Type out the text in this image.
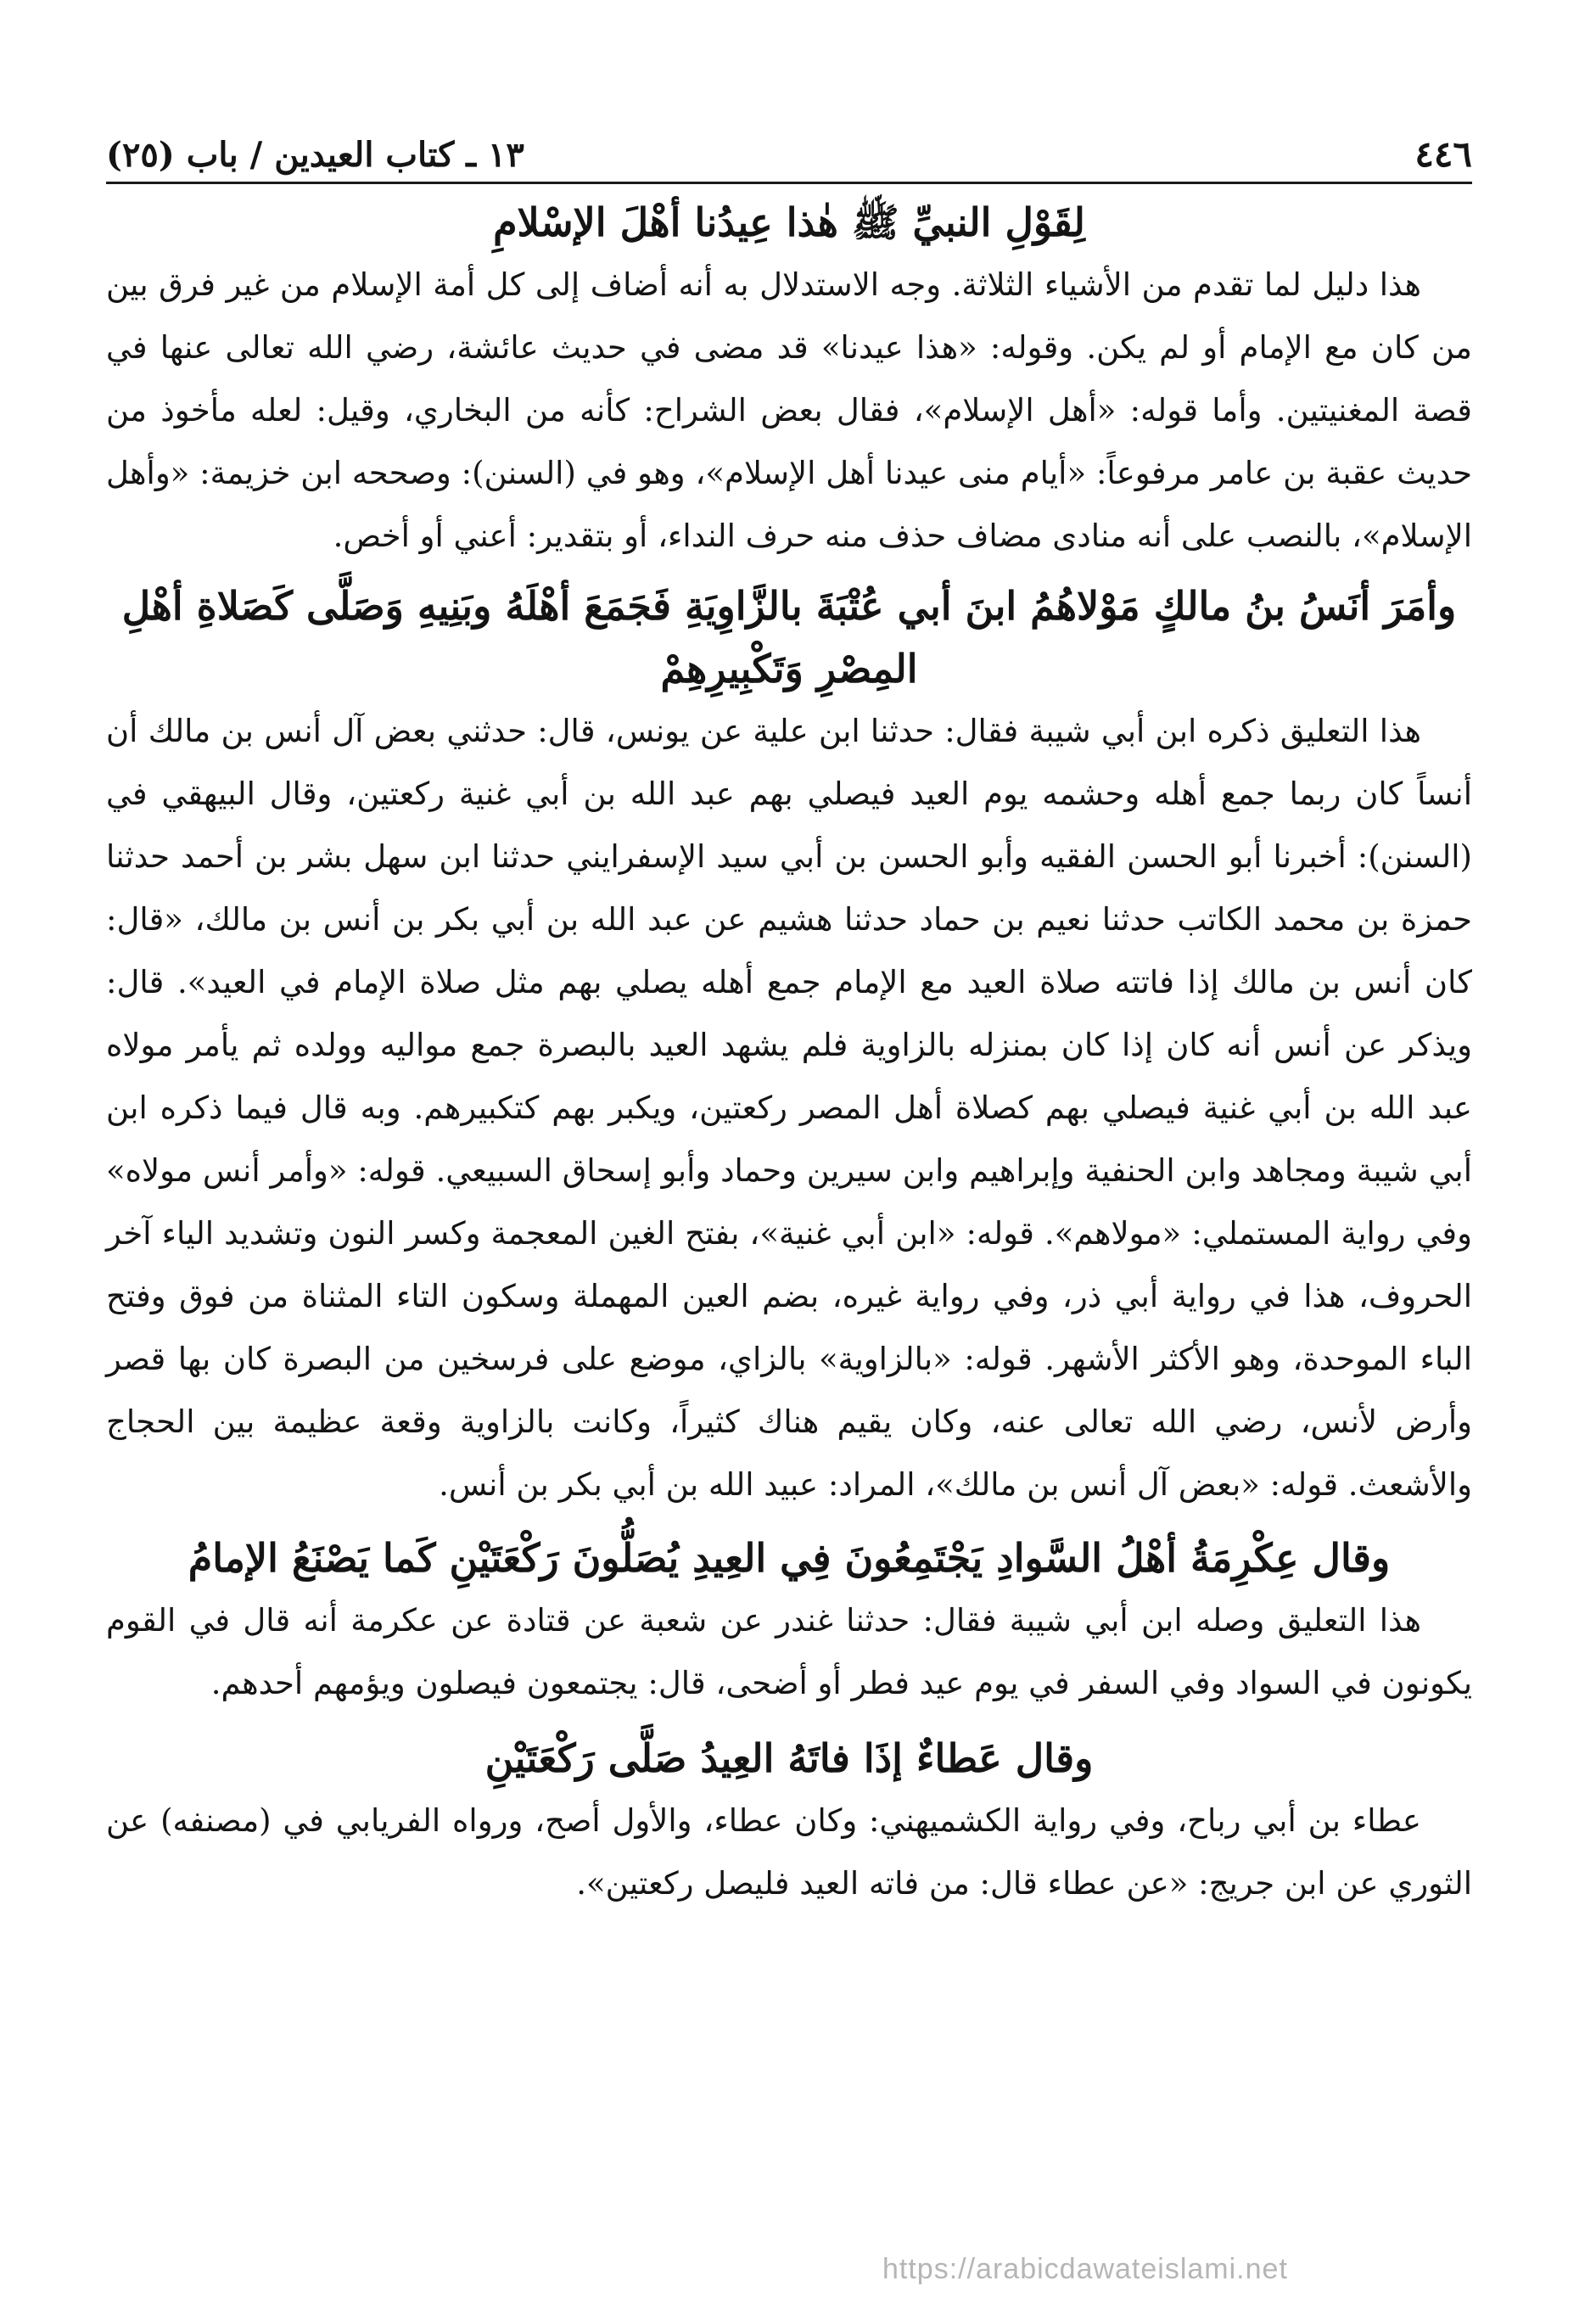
٤٤٦
١٣ ـ كتاب العيدين / باب (٢٥)
لِقَوْلِ النبيِّ ﷺ هٰذا عِيدُنا أهْلَ الإسْلامِ

هذا دليل لما تقدم من الأشياء الثلاثة. وجه الاستدلال به أنه أضاف إلى كل أمة الإسلام من غير فرق بين من كان مع الإمام أو لم يكن. وقوله: «هذا عيدنا» قد مضى في حديث عائشة، رضي الله تعالى عنها في قصة المغنيتين. وأما قوله: «أهل الإسلام»، فقال بعض الشراح: كأنه من البخاري، وقيل: لعله مأخوذ من حديث عقبة بن عامر مرفوعاً: «أيام منى عيدنا أهل الإسلام»، وهو في (السنن): وصححه ابن خزيمة: «وأهل الإسلام»، بالنصب على أنه منادى مضاف حذف منه حرف النداء، أو بتقدير: أعني أو أخص.

وأمَرَ أنَسُ بنُ مالكٍ مَوْلاهُمُ ابنَ أبي عُتْبَةَ بالزَّاوِيَةِ فَجَمَعَ أهْلَهُ وبَنِيهِ وَصَلَّى كَصَلاةِ أهْلِ المِصْرِ وَتَكْبِيرِهِمْ

هذا التعليق ذكره ابن أبي شيبة فقال: حدثنا ابن علية عن يونس، قال: حدثني بعض آل أنس بن مالك أن أنساً كان ربما جمع أهله وحشمه يوم العيد فيصلي بهم عبد الله بن أبي غنية ركعتين، وقال البيهقي في (السنن): أخبرنا أبو الحسن الفقيه وأبو الحسن بن أبي سيد الإسفرايني حدثنا ابن سهل بشر بن أحمد حدثنا حمزة بن محمد الكاتب حدثنا نعيم بن حماد حدثنا هشيم عن عبد الله بن أبي بكر بن أنس بن مالك، «قال: كان أنس بن مالك إذا فاتته صلاة العيد مع الإمام جمع أهله يصلي بهم مثل صلاة الإمام في العيد». قال: ويذكر عن أنس أنه كان إذا كان بمنزله بالزاوية فلم يشهد العيد بالبصرة جمع مواليه وولده ثم يأمر مولاه عبد الله بن أبي غنية فيصلي بهم كصلاة أهل المصر ركعتين، ويكبر بهم كتكبيرهم. وبه قال فيما ذكره ابن أبي شيبة ومجاهد وابن الحنفية وإبراهيم وابن سيرين وحماد وأبو إسحاق السبيعي. قوله: «وأمر أنس مولاه» وفي رواية المستملي: «مولاهم». قوله: «ابن أبي غنية»، بفتح الغين المعجمة وكسر النون وتشديد الياء آخر الحروف، هذا في رواية أبي ذر، وفي رواية غيره، بضم العين المهملة وسكون التاء المثناة من فوق وفتح الباء الموحدة، وهو الأكثر الأشهر. قوله: «بالزاوية» بالزاي، موضع على فرسخين من البصرة كان بها قصر وأرض لأنس، رضي الله تعالى عنه، وكان يقيم هناك كثيراً، وكانت بالزاوية وقعة عظيمة بين الحجاج والأشعث. قوله: «بعض آل أنس بن مالك»، المراد: عبيد الله بن أبي بكر بن أنس.

وقال عِكْرِمَةُ أهْلُ السَّوادِ يَجْتَمِعُونَ فِي العِيدِ يُصَلُّونَ رَكْعَتَيْنِ كَما يَصْنَعُ الإمامُ

هذا التعليق وصله ابن أبي شيبة فقال: حدثنا غندر عن شعبة عن قتادة عن عكرمة أنه قال في القوم يكونون في السواد وفي السفر في يوم عيد فطر أو أضحى، قال: يجتمعون فيصلون ويؤمهم أحدهم.

وقال عَطاءٌ إذَا فاتَهُ العِيدُ صَلَّى رَكْعَتَيْنِ

عطاء بن أبي رباح، وفي رواية الكشميهني: وكان عطاء، والأول أصح، ورواه الفريابي في (مصنفه) عن الثوري عن ابن جريج: «عن عطاء قال: من فاته العيد فليصل ركعتين».

https://arabicdawateislami.net
